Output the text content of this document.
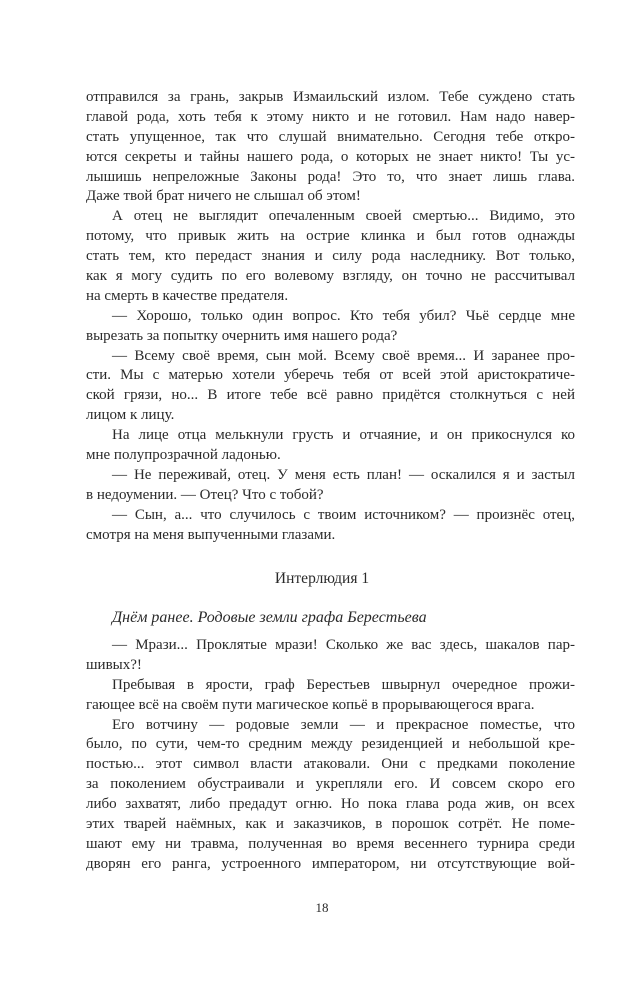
отправился за грань, закрыв Измаильский излом. Тебе суждено стать
главой рода, хоть тебя к этому никто и не готовил. Нам надо навер-
стать упущенное, так что слушай внимательно. Сегодня тебе откро-
ются секреты и тайны нашего рода, о которых не знает никто! Ты ус-
лышишь непреложные Законы рода! Это то, что знает лишь глава.
Даже твой брат ничего не слышал об этом!
А отец не выглядит опечаленным своей смертью... Видимо, это
потому, что привык жить на острие клинка и был готов однажды
стать тем, кто передаст знания и силу рода наследнику. Вот только,
как я могу судить по его волевому взгляду, он точно не рассчитывал
на смерть в качестве предателя.
— Хорошо, только один вопрос. Кто тебя убил? Чьё сердце мне
вырезать за попытку очернить имя нашего рода?
— Всему своё время, сын мой. Всему своё время... И заранее про-
сти. Мы с матерью хотели уберечь тебя от всей этой аристократиче-
ской грязи, но... В итоге тебе всё равно придётся столкнуться с ней
лицом к лицу.
На лице отца мелькнули грусть и отчаяние, и он прикоснулся ко
мне полупрозрачной ладонью.
— Не переживай, отец. У меня есть план! — оскалился я и застыл
в недоумении. — Отец? Что с тобой?
— Сын, а... что случилось с твоим источником? — произнёс отец,
смотря на меня выпученными глазами.
Интерлюдия 1
Днём ранее. Родовые земли графа Берестьева
— Мрази... Проклятые мрази! Сколько же вас здесь, шакалов пар-
шивых?!
Пребывая в ярости, граф Берестьев швырнул очередное прожи-
гающее всё на своём пути магическое копьё в прорывающегося врага.
Его вотчину — родовые земли — и прекрасное поместье, что
было, по сути, чем-то средним между резиденцией и небольшой кре-
постью... этот символ власти атаковали. Они с предками поколение
за поколением обустраивали и укрепляли его. И совсем скоро его
либо захватят, либо предадут огню. Но пока глава рода жив, он всех
этих тварей наёмных, как и заказчиков, в порошок сотрёт. Не поме-
шают ему ни травма, полученная во время весеннего турнира среди
дворян его ранга, устроенного императором, ни отсутствующие вой-
18
